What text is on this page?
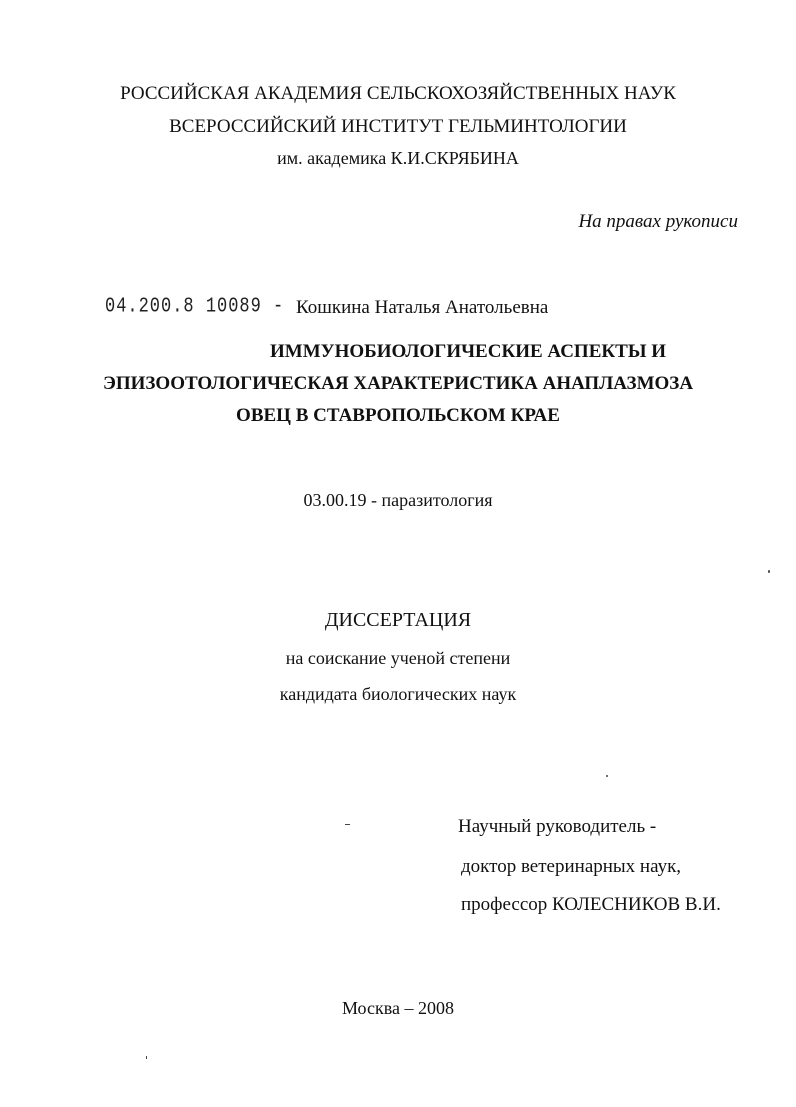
РОССИЙСКАЯ АКАДЕМИЯ СЕЛЬСКОХОЗЯЙСТВЕННЫХ НАУК
ВСЕРОССИЙСКИЙ ИНСТИТУТ ГЕЛЬМИНТОЛОГИИ
им. академика К.И.СКРЯБИНА
На правах рукописи
04.200.8 10089 - Кошкина Наталья Анатольевна
ИММУНОБИОЛОГИЧЕСКИЕ АСПЕКТЫ И
ЭПИЗООТОЛОГИЧЕСКАЯ ХАРАКТЕРИСТИКА АНАПЛАЗМОЗА
ОВЕЦ В СТАВРОПОЛЬСКОМ КРАЕ
03.00.19 - паразитология
ДИССЕРТАЦИЯ
на соискание ученой степени
кандидата биологических наук
Научный руководитель -
доктор ветеринарных наук,
профессор КОЛЕСНИКОВ В.И.
Москва – 2008
